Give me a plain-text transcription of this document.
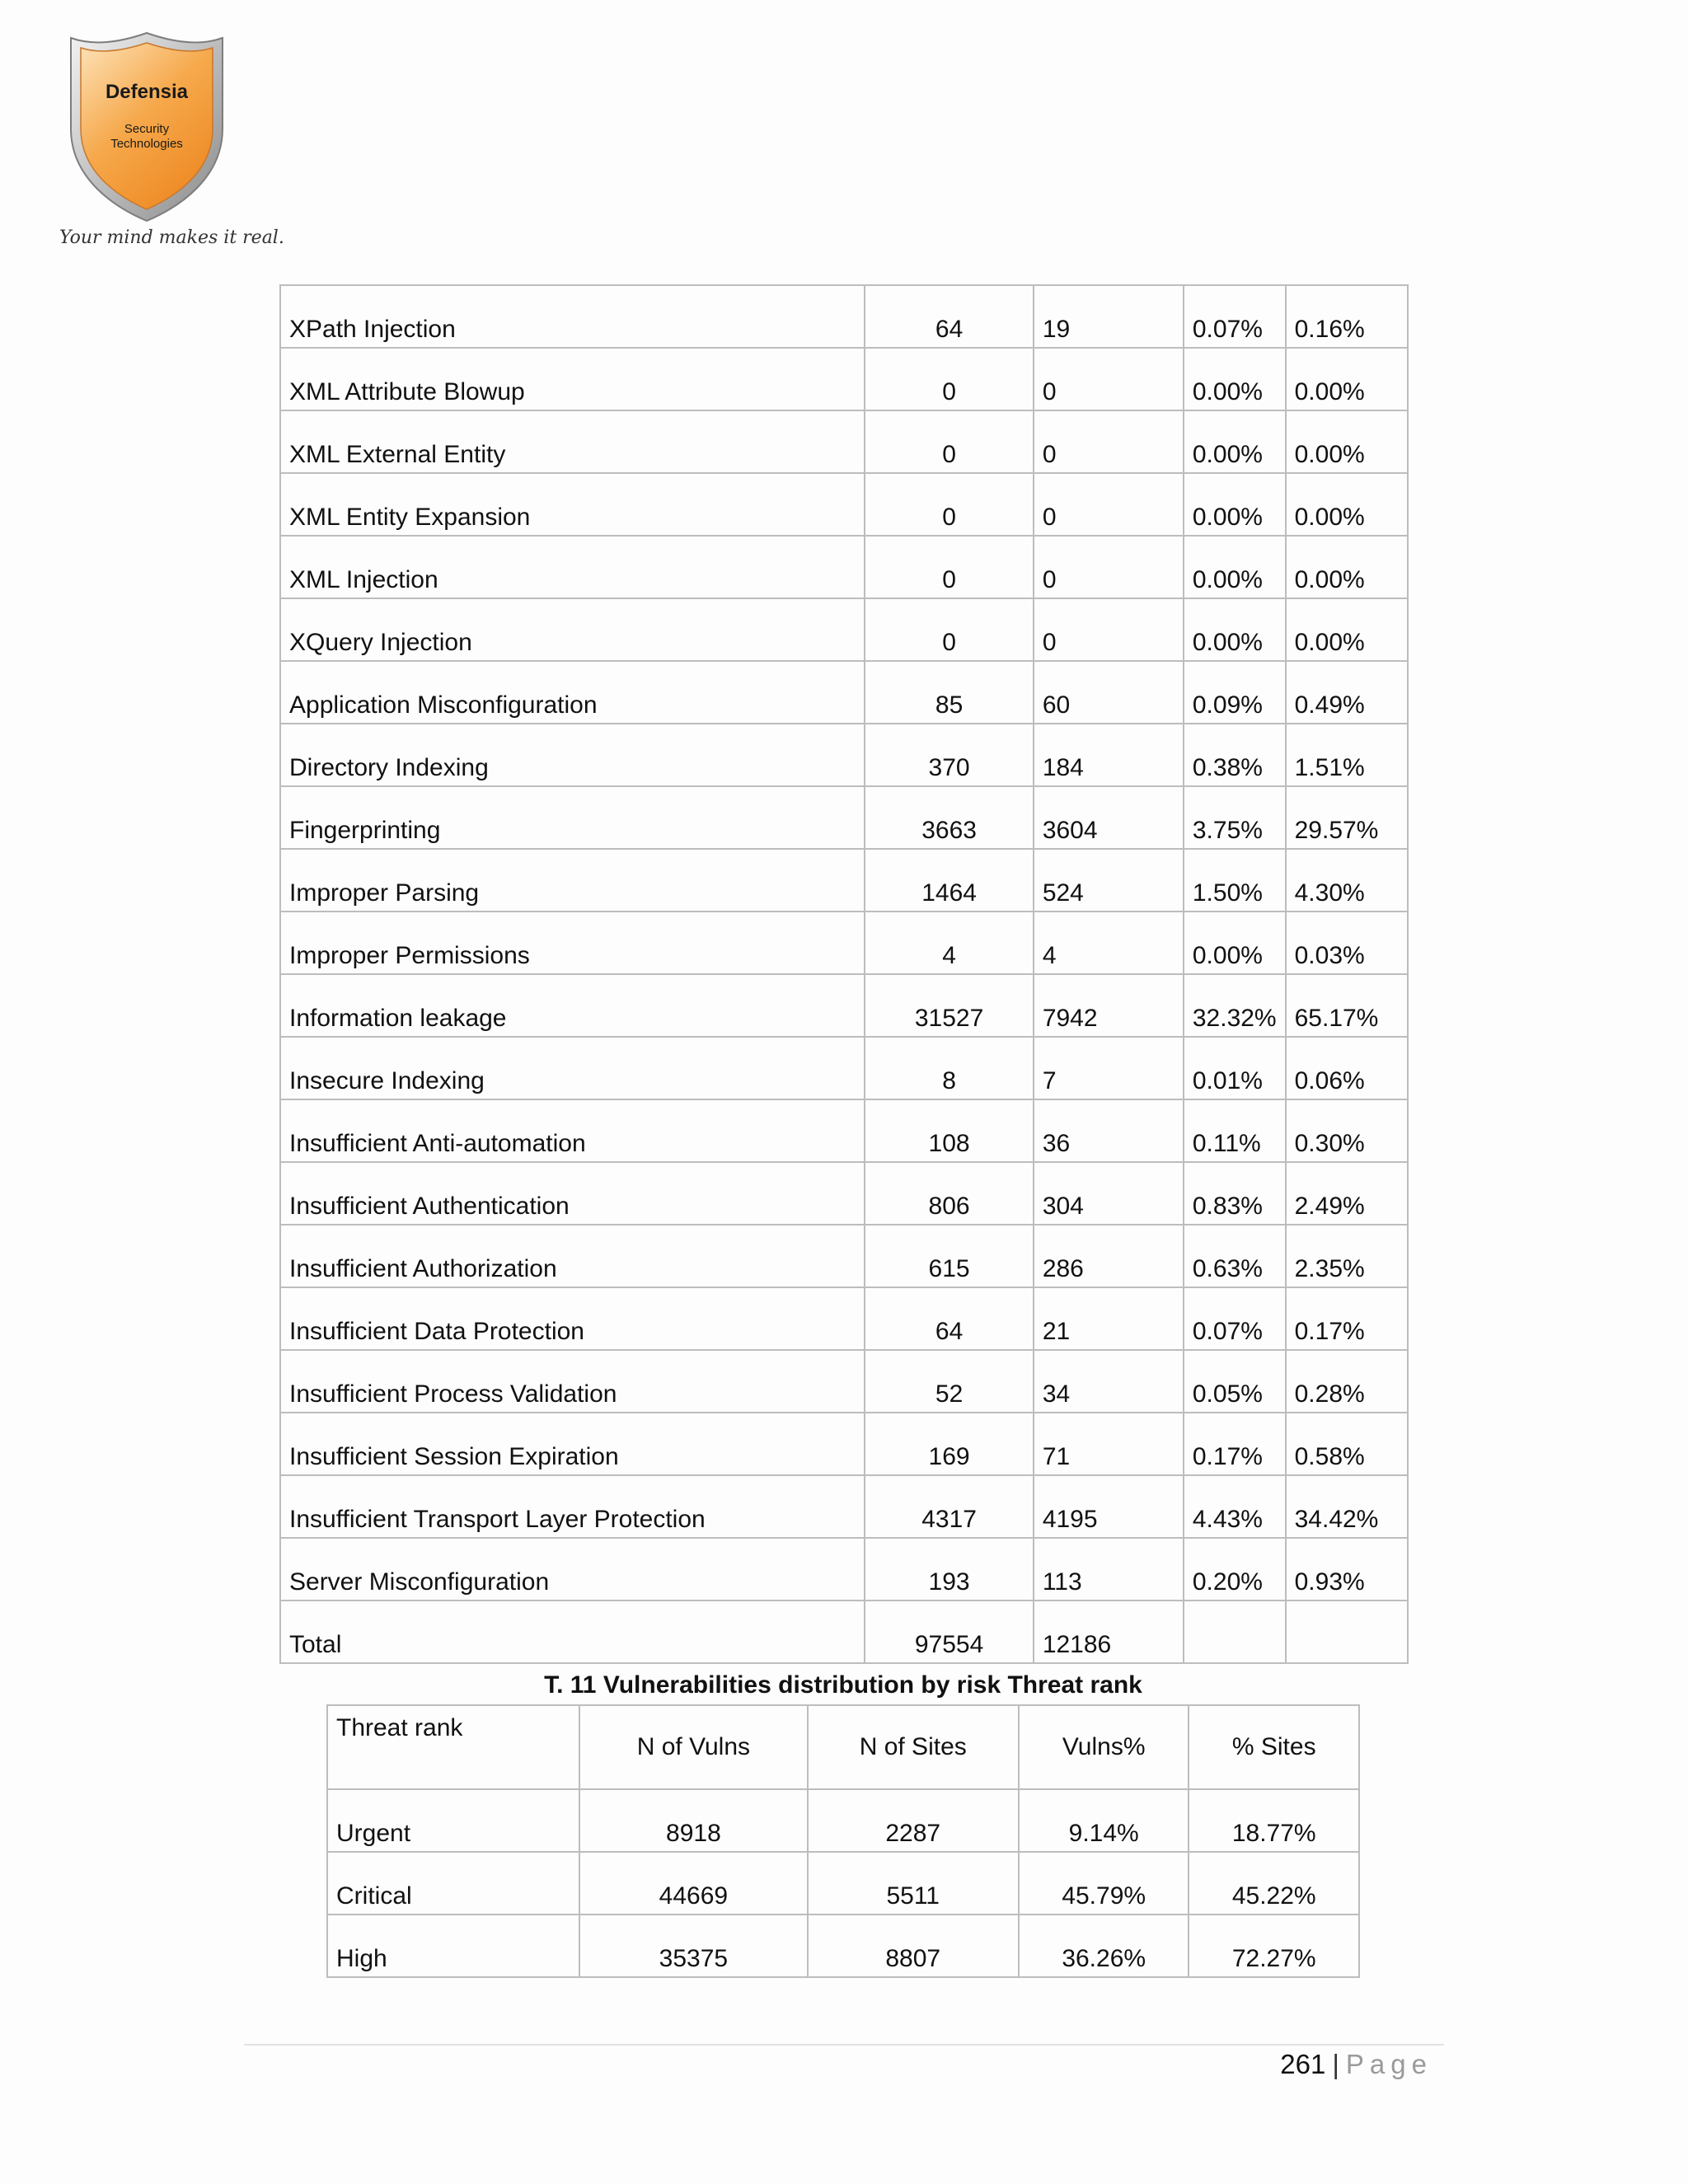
Defensia
Security
Technologies
Your mind makes it real.
XPath Injection	64	19	0.07%	0.16%
XML Attribute Blowup	0	0	0.00%	0.00%
XML External Entity	0	0	0.00%	0.00%
XML Entity Expansion	0	0	0.00%	0.00%
XML Injection	0	0	0.00%	0.00%
XQuery Injection	0	0	0.00%	0.00%
Application Misconfiguration	85	60	0.09%	0.49%
Directory Indexing	370	184	0.38%	1.51%
Fingerprinting	3663	3604	3.75%	29.57%
Improper Parsing	1464	524	1.50%	4.30%
Improper Permissions	4	4	0.00%	0.03%
Information leakage	31527	7942	32.32%	65.17%
Insecure Indexing	8	7	0.01%	0.06%
Insufficient Anti-automation	108	36	0.11%	0.30%
Insufficient Authentication	806	304	0.83%	2.49%
Insufficient Authorization	615	286	0.63%	2.35%
Insufficient Data Protection	64	21	0.07%	0.17%
Insufficient Process Validation	52	34	0.05%	0.28%
Insufficient Session Expiration	169	71	0.17%	0.58%
Insufficient Transport Layer Protection	4317	4195	4.43%	34.42%
Server Misconfiguration	193	113	0.20%	0.93%
Total	97554	12186		
T. 11 Vulnerabilities distribution by risk Threat rank
Threat rank	N of Vulns	N of Sites	Vulns%	% Sites
Urgent	8918	2287	9.14%	18.77%
Critical	44669	5511	45.79%	45.22%
High	35375	8807	36.26%	72.27%
261 | Page
